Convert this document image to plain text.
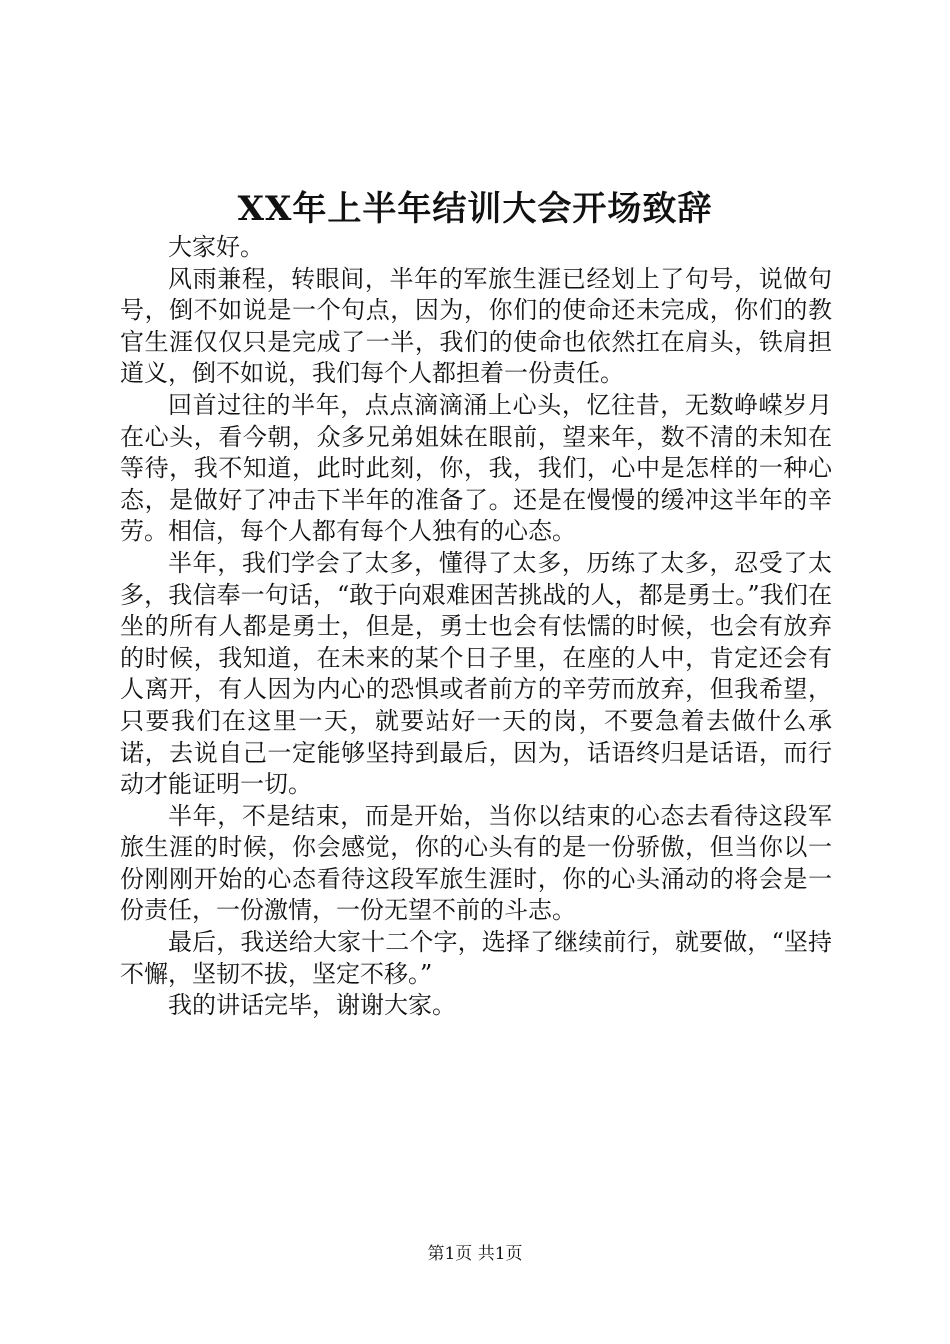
XX年上半年结训大会开场致辞

大家好。

风雨兼程，转眼间，半年的军旅生涯已经划上了句号，说做句号，倒不如说是一个句点，因为，你们的使命还未完成，你们的教官生涯仅仅只是完成了一半，我们的使命也依然扛在肩头，铁肩担道义，倒不如说，我们每个人都担着一份责任。

回首过往的半年，点点滴滴涌上心头，忆往昔，无数峥嵘岁月在心头，看今朝，众多兄弟姐妹在眼前，望来年，数不清的未知在等待，我不知道，此时此刻，你，我，我们，心中是怎样的一种心态，是做好了冲击下半年的准备了。还是在慢慢的缓冲这半年的辛劳。相信，每个人都有每个人独有的心态。

半年，我们学会了太多，懂得了太多，历练了太多，忍受了太多，我信奉一句话，“敢于向艰难困苦挑战的人，都是勇士。”我们在坐的所有人都是勇士，但是，勇士也会有怯懦的时候，也会有放弃的时候，我知道，在未来的某个日子里，在座的人中，肯定还会有人离开，有人因为内心的恐惧或者前方的辛劳而放弃，但我希望，只要我们在这里一天，就要站好一天的岗，不要急着去做什么承诺，去说自己一定能够坚持到最后，因为，话语终归是话语，而行动才能证明一切。

半年，不是结束，而是开始，当你以结束的心态去看待这段军旅生涯的时候，你会感觉，你的心头有的是一份骄傲，但当你以一份刚刚开始的心态看待这段军旅生涯时，你的心头涌动的将会是一份责任，一份激情，一份无望不前的斗志。

最后，我送给大家十二个字，选择了继续前行，就要做，“坚持不懈，坚韧不拔，坚定不移。”

我的讲话完毕，谢谢大家。

第1页 共1页
